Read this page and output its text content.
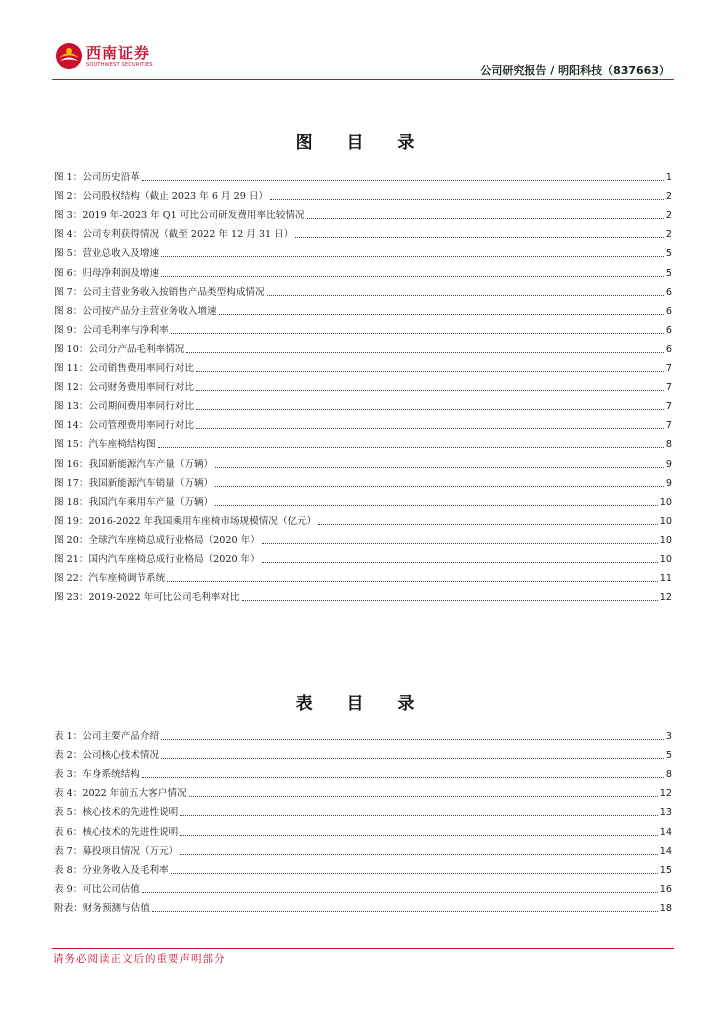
西南证券
SOUTHWEST SECURITIES	公司研究报告 / 明阳科技（837663）
图 目 录
图 1：公司历史沿革	1
图 2：公司股权结构（截止 2023 年 6 月 29 日）	2
图 3：2019 年-2023 年 Q1 可比公司研发费用率比较情况	2
图 4：公司专利获得情况（截至 2022 年 12 月 31 日）	2
图 5：营业总收入及增速	5
图 6：归母净利润及增速	5
图 7：公司主营业务收入按销售产品类型构成情况	6
图 8：公司按产品分主营业务收入增速	6
图 9：公司毛利率与净利率	6
图 10：公司分产品毛利率情况	6
图 11：公司销售费用率同行对比	7
图 12：公司财务费用率同行对比	7
图 13：公司期间费用率同行对比	7
图 14：公司管理费用率同行对比	7
图 15：汽车座椅结构图	8
图 16：我国新能源汽车产量（万辆）	9
图 17：我国新能源汽车销量（万辆）	9
图 18：我国汽车乘用车产量（万辆）	10
图 19：2016-2022 年我国乘用车座椅市场规模情况（亿元）	10
图 20：全球汽车座椅总成行业格局（2020 年）	10
图 21：国内汽车座椅总成行业格局（2020 年）	10
图 22：汽车座椅调节系统	11
图 23：2019-2022 年可比公司毛利率对比	12
表 目 录
表 1：公司主要产品介绍	3
表 2：公司核心技术情况	5
表 3：车身系统结构	8
表 4：2022 年前五大客户情况	12
表 5：核心技术的先进性说明	13
表 6：核心技术的先进性说明	14
表 7：募投项目情况（万元）	14
表 8：分业务收入及毛利率	15
表 9：可比公司估值	16
附表：财务预测与估值	18
请务必阅读正文后的重要声明部分
